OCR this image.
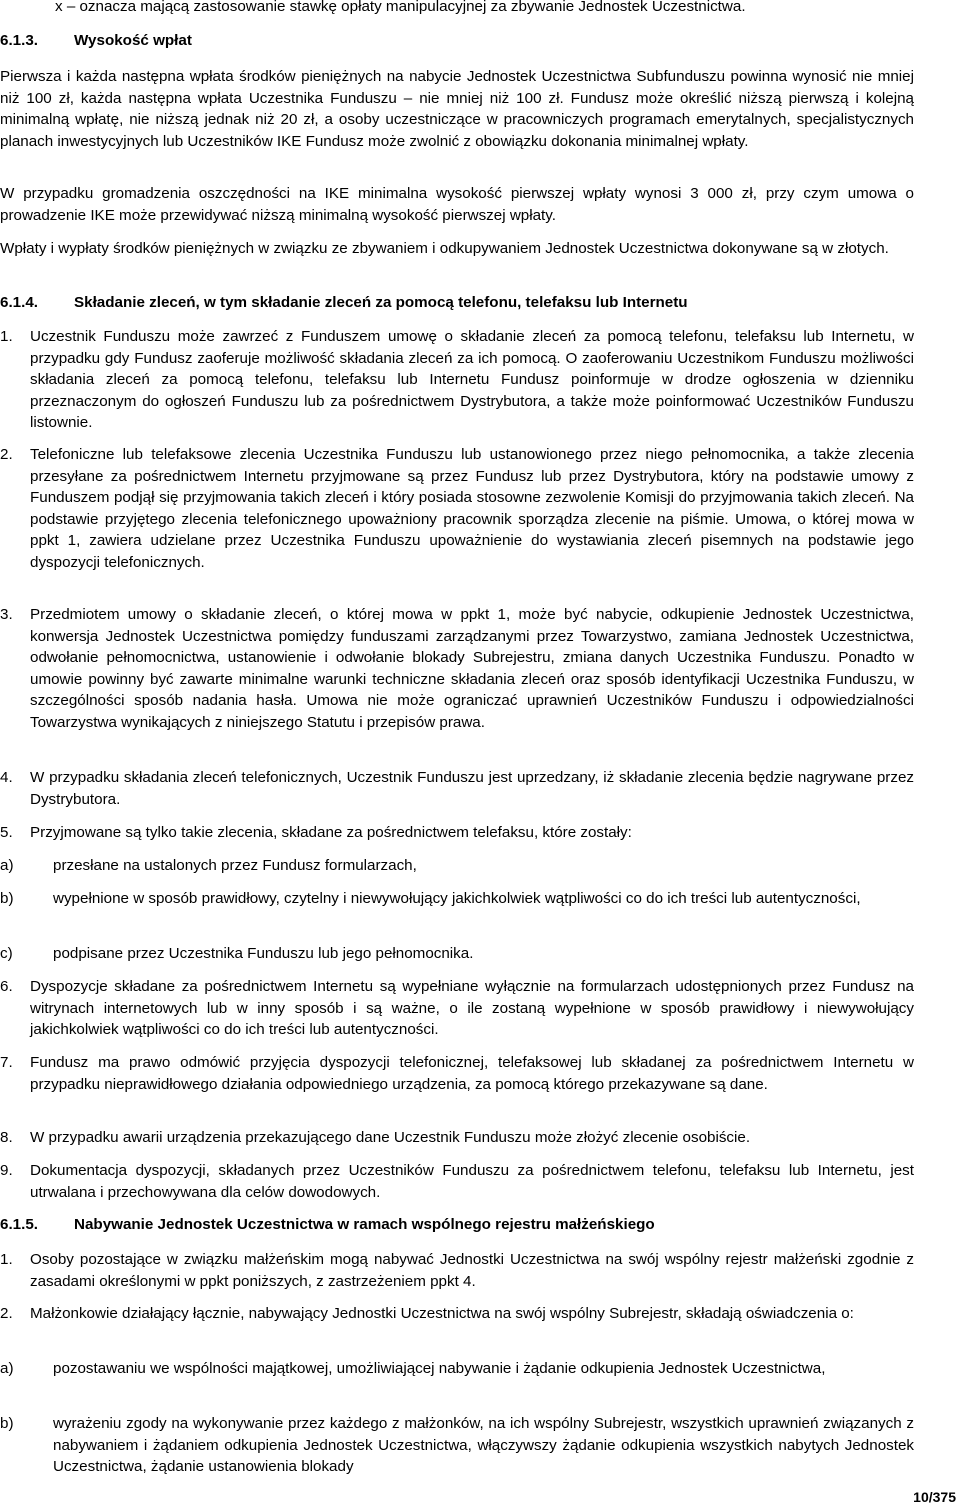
x – oznacza mającą zastosowanie stawkę opłaty manipulacyjnej za zbywanie Jednostek Uczestnictwa.
6.1.3. Wysokość wpłat
Pierwsza i każda następna wpłata środków pieniężnych na nabycie Jednostek Uczestnictwa Subfunduszu powinna wynosić nie mniej niż 100 zł, każda następna wpłata Uczestnika Funduszu – nie mniej niż 100 zł. Fundusz może określić niższą pierwszą i kolejną minimalną wpłatę, nie niższą jednak niż 20 zł, a osoby uczestniczące w pracowniczych programach emerytalnych, specjalistycznych planach inwestycyjnych lub Uczestników IKE Fundusz może zwolnić z obowiązku dokonania minimalnej wpłaty.
W przypadku gromadzenia oszczędności na IKE minimalna wysokość pierwszej wpłaty wynosi 3 000 zł, przy czym umowa o prowadzenie IKE może przewidywać niższą minimalną wysokość pierwszej wpłaty.
Wpłaty i wypłaty środków pieniężnych w związku ze zbywaniem i odkupywaniem Jednostek Uczestnictwa dokonywane są w złotych.
6.1.4. Składanie zleceń, w tym składanie zleceń za pomocą telefonu, telefaksu lub Internetu
1. Uczestnik Funduszu może zawrzeć z Funduszem umowę o składanie zleceń za pomocą telefonu, telefaksu lub Internetu, w przypadku gdy Fundusz zaoferuje możliwość składania zleceń za ich pomocą. O zaoferowaniu Uczestnikom Funduszu możliwości składania zleceń za pomocą telefonu, telefaksu lub Internetu Fundusz poinformuje w drodze ogłoszenia w dzienniku przeznaczonym do ogłoszeń Funduszu lub za pośrednictwem Dystrybutora, a także może poinformować Uczestników Funduszu listownie.
2. Telefoniczne lub telefaksowe zlecenia Uczestnika Funduszu lub ustanowionego przez niego pełnomocnika, a także zlecenia przesyłane za pośrednictwem Internetu przyjmowane są przez Fundusz lub przez Dystrybutora, który na podstawie umowy z Funduszem podjął się przyjmowania takich zleceń i który posiada stosowne zezwolenie Komisji do przyjmowania takich zleceń. Na podstawie przyjętego zlecenia telefonicznego upoważniony pracownik sporządza zlecenie na piśmie. Umowa, o której mowa w ppkt 1, zawiera udzielane przez Uczestnika Funduszu upoważnienie do wystawiania zleceń pisemnych na podstawie jego dyspozycji telefonicznych.
3. Przedmiotem umowy o składanie zleceń, o której mowa w ppkt 1, może być nabycie, odkupienie Jednostek Uczestnictwa, konwersja Jednostek Uczestnictwa pomiędzy funduszami zarządzanymi przez Towarzystwo, zamiana Jednostek Uczestnictwa, odwołanie pełnomocnictwa, ustanowienie i odwołanie blokady Subrejestru, zmiana danych Uczestnika Funduszu. Ponadto w umowie powinny być zawarte minimalne warunki techniczne składania zleceń oraz sposób identyfikacji Uczestnika Funduszu, w szczególności sposób nadania hasła. Umowa nie może ograniczać uprawnień Uczestników Funduszu i odpowiedzialności Towarzystwa wynikających z niniejszego Statutu i przepisów prawa.
4. W przypadku składania zleceń telefonicznych, Uczestnik Funduszu jest uprzedzany, iż składanie zlecenia będzie nagrywane przez Dystrybutora.
5. Przyjmowane są tylko takie zlecenia, składane za pośrednictwem telefaksu, które zostały:
a)	przesłane na ustalonych przez Fundusz formularzach,
b)	wypełnione w sposób prawidłowy, czytelny i niewywołujący jakichkolwiek wątpliwości co do ich treści lub autentyczności,
c)	podpisane przez Uczestnika Funduszu lub jego pełnomocnika.
6. Dyspozycje składane za pośrednictwem Internetu są wypełniane wyłącznie na formularzach udostępnionych przez Fundusz na witrynach internetowych lub w inny sposób i są ważne, o ile zostaną wypełnione w sposób prawidłowy i niewywołujący jakichkolwiek wątpliwości co do ich treści lub autentyczności.
7. Fundusz ma prawo odmówić przyjęcia dyspozycji telefonicznej, telefaksowej lub składanej za pośrednictwem Internetu w przypadku nieprawidłowego działania odpowiedniego urządzenia, za pomocą którego przekazywane są dane.
8. W przypadku awarii urządzenia przekazującego dane Uczestnik Funduszu może złożyć zlecenie osobiście.
9. Dokumentacja dyspozycji, składanych przez Uczestników Funduszu za pośrednictwem telefonu, telefaksu lub Internetu, jest utrwalana i przechowywana dla celów dowodowych.
6.1.5. Nabywanie Jednostek Uczestnictwa w ramach wspólnego rejestru małżeńskiego
1. Osoby pozostające w związku małżeńskim mogą nabywać Jednostki Uczestnictwa na swój wspólny rejestr małżeński zgodnie z zasadami określonymi w ppkt poniższych, z zastrzeżeniem ppkt 4.
2. Małżonkowie działający łącznie, nabywający Jednostki Uczestnictwa na swój wspólny Subrejestr, składają oświadczenia o:
a)	pozostawaniu we wspólności majątkowej, umożliwiającej nabywanie i żądanie odkupienia Jednostek Uczestnictwa,
b)	wyrażeniu zgody na wykonywanie przez każdego z małżonków, na ich wspólny Subrejestr, wszystkich uprawnień związanych z nabywaniem i żądaniem odkupienia Jednostek Uczestnictwa, włączywszy żądanie odkupienia wszystkich nabytych Jednostek Uczestnictwa, żądanie ustanowienia blokady
10/375
